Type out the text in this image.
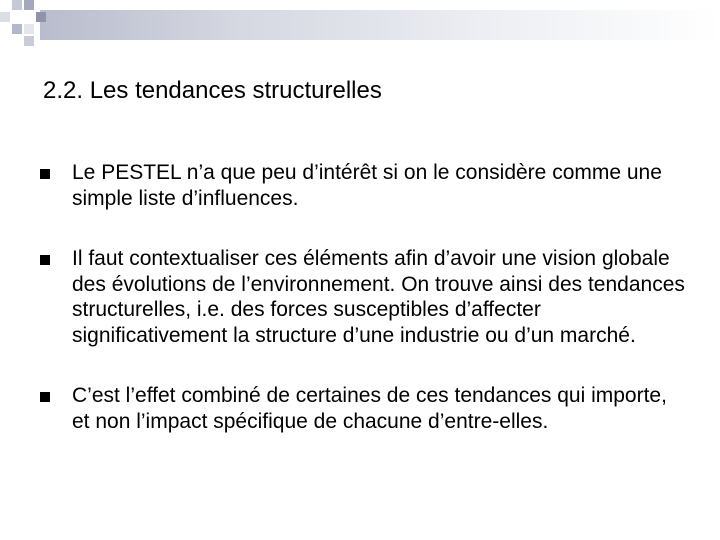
2.2. Les tendances structurelles
Le PESTEL n’a que peu d’intérêt si on le considère comme une simple liste d’influences.
Il faut contextualiser ces éléments afin d’avoir une vision globale des évolutions de l’environnement. On trouve ainsi des tendances structurelles, i.e. des forces susceptibles d’affecter significativement la structure d’une industrie ou d’un marché.
C’est l’effet combiné de certaines de ces tendances qui importe, et non l’impact spécifique de chacune d’entre-elles.
